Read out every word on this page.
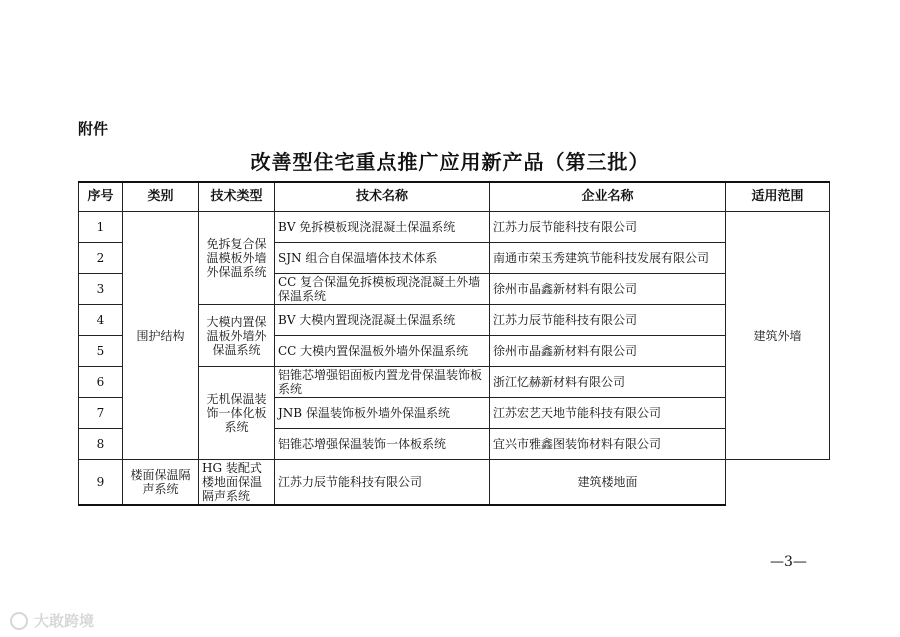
附件
改善型住宅重点推广应用新产品（第三批）
序号	类别	技术类型	技术名称	企业名称	适用范围
1	围护结构	免拆复合保温模板外墙外保温系统	BV 免拆模板现浇混凝土保温系统	江苏力辰节能科技有限公司	建筑外墙
2			SJN 组合自保温墙体技术体系	南通市荣玉秀建筑节能科技发展有限公司	
3			CC 复合保温免拆模板现浇混凝土外墙保温系统	徐州市晶鑫新材料有限公司	
4		大模内置保温板外墙外保温系统	BV 大模内置现浇混凝土保温系统	江苏力辰节能科技有限公司	
5			CC 大模内置保温板外墙外保温系统	徐州市晶鑫新材料有限公司	
6		无机保温装饰一体化板系统	铝锥芯增强铝面板内置龙骨保温装饰板系统	浙江忆赫新材料有限公司	
7			JNB 保温装饰板外墙外保温系统	江苏宏艺天地节能科技有限公司	
8			铝锥芯增强保温装饰一体板系统	宜兴市雅鑫图装饰材料有限公司	
9	楼面保温隔声系统	HG 装配式楼地面保温隔声系统	江苏力辰节能科技有限公司	建筑楼地面	
—3—
大敢跨境
